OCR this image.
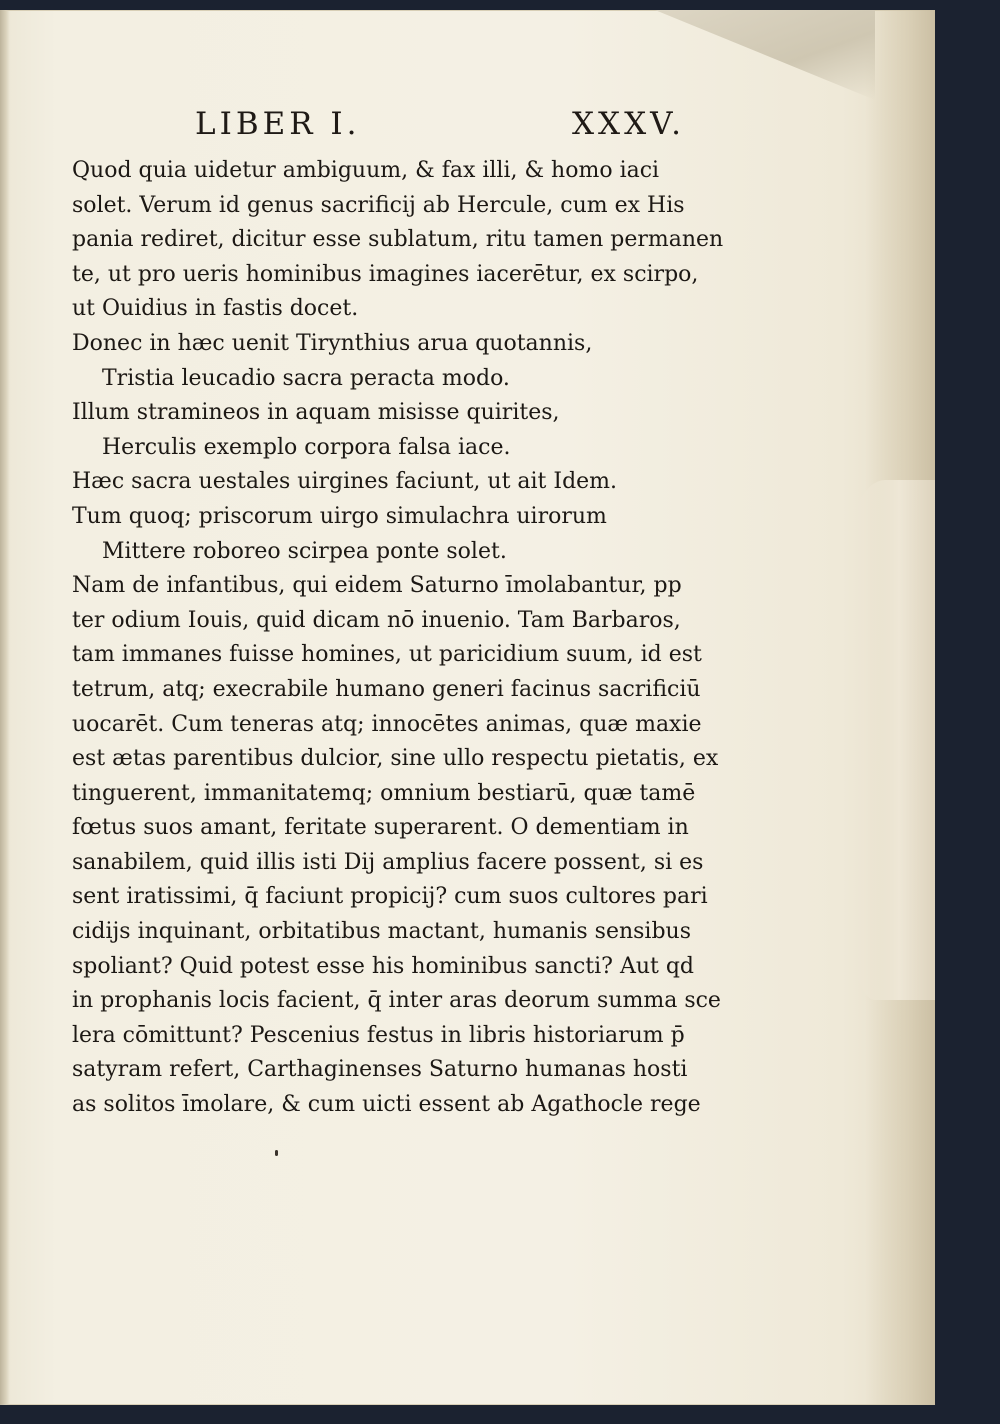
LIBER I.	XXXV.
Quod quia uidetur ambiguum, & fax illi, & homo iaci
solet. Verum id genus sacrificij ab Hercule, cum ex His
pania rediret, dicitur esse sublatum, ritu tamen permanen
te, ut pro ueris hominibus imagines iacerētur, ex scirpo,
ut Ouidius in fastis docet.
Donec in hæc uenit Tirynthius arua quotannis,
Tristia leucadio sacra peracta modo.
Illum stramineos in aquam misisse quirites,
Herculis exemplo corpora falsa iace.
Hæc sacra uestales uirgines faciunt, ut ait Idem.
Tum quoq; priscorum uirgo simulachra uirorum
Mittere roboreo scirpea ponte solet.
Nam de infantibus, qui eidem Saturno īmolabantur, pp
ter odium Iouis, quid dicam nō inuenio. Tam Barbaros,
tam immanes fuisse homines, ut paricidium suum, id est
tetrum, atq; execrabile humano generi facinus sacrificiū
uocarēt. Cum teneras atq; innocētes animas, quæ maxie
est ætas parentibus dulcior, sine ullo respectu pietatis, ex
tinguerent, immanitatemq; omnium bestiarū, quæ tamē
fœtus suos amant, feritate superarent. O dementiam in
sanabilem, quid illis isti Dij amplius facere possent, si es
sent iratissimi, q̄ faciunt propicij? cum suos cultores pari
cidijs inquinant, orbitatibus mactant, humanis sensibus
spoliant? Quid potest esse his hominibus sancti? Aut qd
in prophanis locis facient, q̄ inter aras deorum summa sce
lera cōmittunt? Pescenius festus in libris historiarum p̄
satyram refert, Carthaginenses Saturno humanas hosti
as solitos īmolare, & cum uicti essent ab Agathocle rege
